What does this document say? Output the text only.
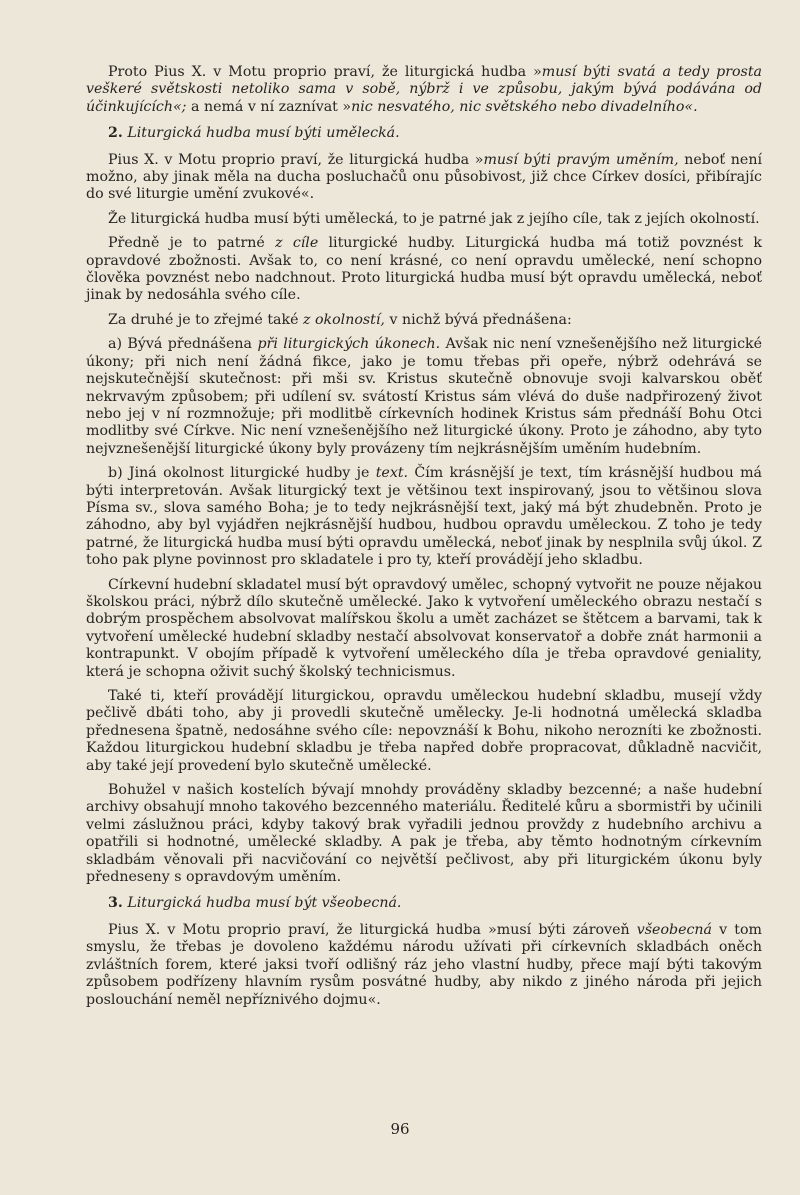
Proto Pius X. v Motu proprio praví, že liturgická hudba »musí býti svatá a tedy prosta veškeré světskosti netoliko sama v sobě, nýbrž i ve způsobu, jakým bývá podávána od účinkujících«; a nemá v ní zaznívat »nic nesvatého, nic světského nebo divadelního«.

2. Liturgická hudba musí býti umělecká.

Pius X. v Motu proprio praví, že liturgická hudba »musí býti pravým uměním, neboť není možno, aby jinak měla na ducha posluchačů onu působivost, již chce Církev dosíci, přibírajíc do své liturgie umění zvukové«.

Že liturgická hudba musí býti umělecká, to je patrné jak z jejího cíle, tak z jejích okolností.

Předně je to patrné z cíle liturgické hudby. Liturgická hudba má totiž povznést k opravdové zbožnosti. Avšak to, co není krásné, co není opravdu umělecké, není schopno člověka povznést nebo nadchnout. Proto liturgická hudba musí být opravdu umělecká, neboť jinak by nedosáhla svého cíle.

Za druhé je to zřejmé také z okolností, v nichž bývá přednášena:

a) Bývá přednášena při liturgických úkonech. Avšak nic není vznešenějšího než liturgické úkony; při nich není žádná fikce, jako je tomu třebas při opeře, nýbrž odehrává se nejskutečnější skutečnost: při mši sv. Kristus skutečně obnovuje svoji kalvarskou oběť nekrvavým způsobem; při udílení sv. svátostí Kristus sám vlévá do duše nadpřirozený život nebo jej v ní rozmnožuje; při modlitbě církevních hodinek Kristus sám přednáší Bohu Otci modlitby své Církve. Nic není vznešenějšího než liturgické úkony. Proto je záhodno, aby tyto nejvznešenější liturgické úkony byly provázeny tím nejkrásnějším uměním hudebním.

b) Jiná okolnost liturgické hudby je text. Čím krásnější je text, tím krásnější hudbou má býti interpretován. Avšak liturgický text je většinou text inspirovaný, jsou to většinou slova Písma sv., slova samého Boha; je to tedy nejkrásnější text, jaký má být zhudebněn. Proto je záhodno, aby byl vyjádřen nejkrásnější hudbou, hudbou opravdu uměleckou. Z toho je tedy patrné, že liturgická hudba musí býti opravdu umělecká, neboť jinak by nesplnila svůj úkol. Z toho pak plyne povinnost pro skladatele i pro ty, kteří provádějí jeho skladbu.

Církevní hudební skladatel musí být opravdový umělec, schopný vytvořit ne pouze nějakou školskou práci, nýbrž dílo skutečně umělecké. Jako k vytvoření uměleckého obrazu nestačí s dobrým prospěchem absolvovat malířskou školu a umět zacházet se štětcem a barvami, tak k vytvoření umělecké hudební skladby nestačí absolvovat konservatoř a dobře znát harmonii a kontrapunkt. V obojím případě k vytvoření uměleckého díla je třeba opravdové geniality, která je schopna oživit suchý školský technicismus.

Také ti, kteří provádějí liturgickou, opravdu uměleckou hudební skladbu, musejí vždy pečlivě dbáti toho, aby ji provedli skutečně umělecky. Je-li hodnotná umělecká skladba přednesena špatně, nedosáhne svého cíle: nepovznáší k Bohu, nikoho nerozníti ke zbožnosti. Každou liturgickou hudební skladbu je třeba napřed dobře propracovat, důkladně nacvičit, aby také její provedení bylo skutečně umělecké.

Bohužel v našich kostelích bývají mnohdy prováděny skladby bezcenné; a naše hudební archivy obsahují mnoho takového bezcenného materiálu. Ředitelé kůru a sbormistři by učinili velmi záslužnou práci, kdyby takový brak vyřadili jednou provždy z hudebního archivu a opatřili si hodnotné, umělecké skladby. A pak je třeba, aby těmto hodnotným církevním skladbám věnovali při nacvičování co největší pečlivost, aby při liturgickém úkonu byly předneseny s opravdovým uměním.

3. Liturgická hudba musí být všeobecná.

Pius X. v Motu proprio praví, že liturgická hudba »musí býti zároveň všeobecná v tom smyslu, že třebas je dovoleno každému národu užívati při církevních skladbách oněch zvláštních forem, které jaksi tvoří odlišný ráz jeho vlastní hudby, přece mají býti takovým způsobem podřízeny hlavním rysům posvátné hudby, aby nikdo z jiného národa při jejich poslouchání neměl nepříznivého dojmu«.

96
